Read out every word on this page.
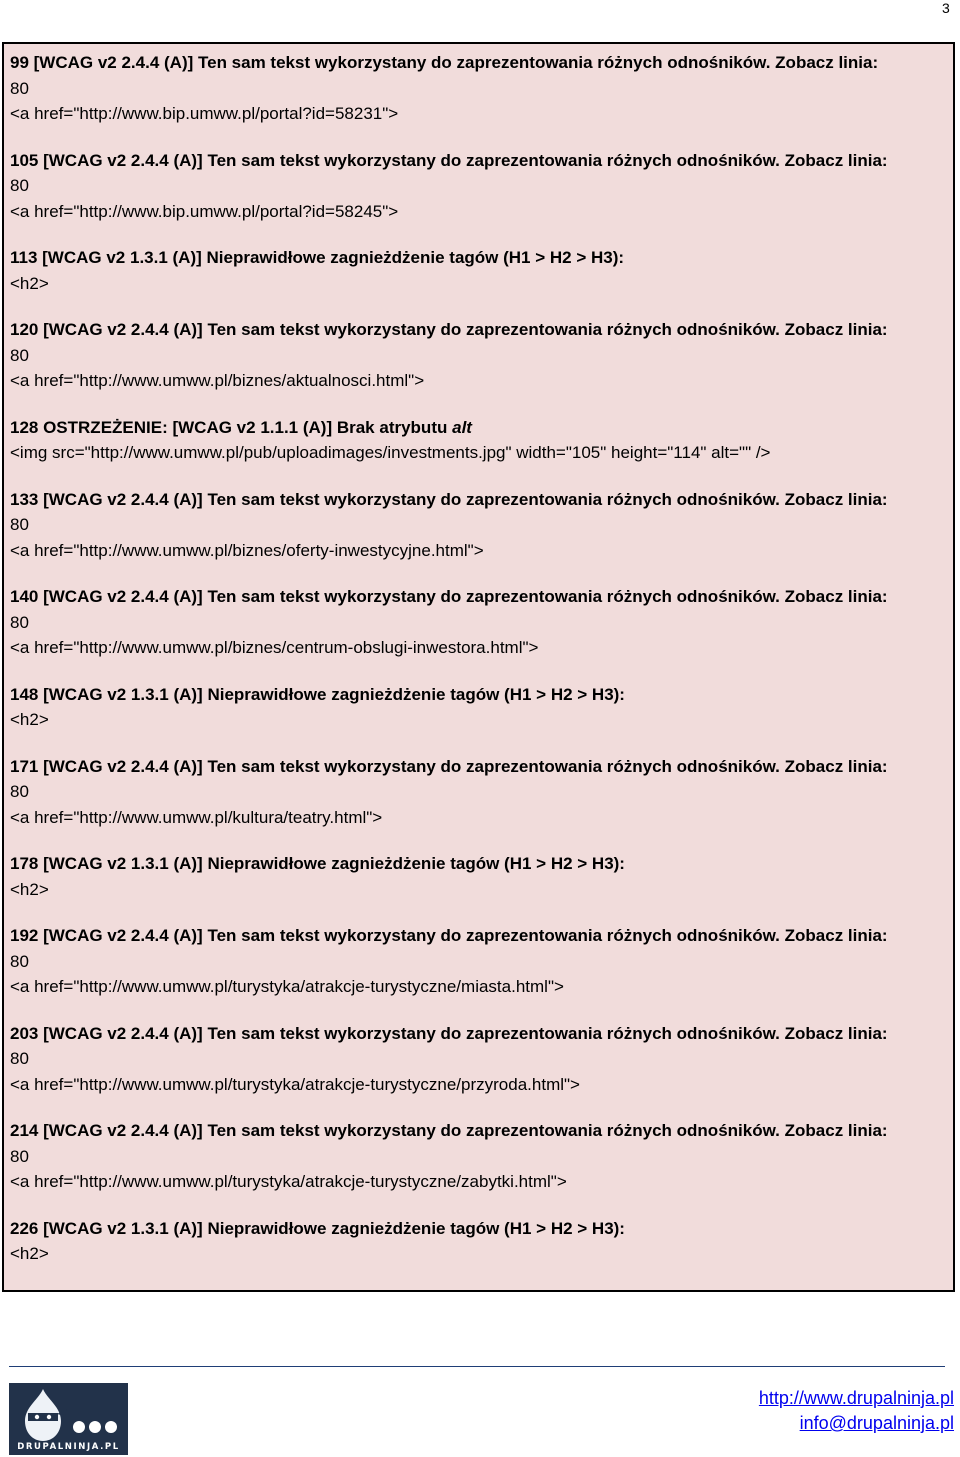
3
99 [WCAG v2 2.4.4 (A)] Ten sam tekst wykorzystany do zaprezentowania różnych odnośników. Zobacz linia:
80
<a href="http://www.bip.umww.pl/portal?id=58231">
105 [WCAG v2 2.4.4 (A)] Ten sam tekst wykorzystany do zaprezentowania różnych odnośników. Zobacz linia:
80
<a href="http://www.bip.umww.pl/portal?id=58245">
113 [WCAG v2 1.3.1 (A)] Nieprawidłowe zagnieżdżenie tagów (H1 > H2 > H3):
<h2>
120 [WCAG v2 2.4.4 (A)] Ten sam tekst wykorzystany do zaprezentowania różnych odnośników. Zobacz linia:
80
<a href="http://www.umww.pl/biznes/aktualnosci.html">
128 OSTRZEŻENIE: [WCAG v2 1.1.1 (A)] Brak atrybutu alt
<img src="http://www.umww.pl/pub/uploadimages/investments.jpg" width="105" height="114" alt="" />
133 [WCAG v2 2.4.4 (A)] Ten sam tekst wykorzystany do zaprezentowania różnych odnośników. Zobacz linia:
80
<a href="http://www.umww.pl/biznes/oferty-inwestycyjne.html">
140 [WCAG v2 2.4.4 (A)] Ten sam tekst wykorzystany do zaprezentowania różnych odnośników. Zobacz linia:
80
<a href="http://www.umww.pl/biznes/centrum-obslugi-inwestora.html">
148 [WCAG v2 1.3.1 (A)] Nieprawidłowe zagnieżdżenie tagów (H1 > H2 > H3):
<h2>
171 [WCAG v2 2.4.4 (A)] Ten sam tekst wykorzystany do zaprezentowania różnych odnośników. Zobacz linia:
80
<a href="http://www.umww.pl/kultura/teatry.html">
178 [WCAG v2 1.3.1 (A)] Nieprawidłowe zagnieżdżenie tagów (H1 > H2 > H3):
<h2>
192 [WCAG v2 2.4.4 (A)] Ten sam tekst wykorzystany do zaprezentowania różnych odnośników. Zobacz linia:
80
<a href="http://www.umww.pl/turystyka/atrakcje-turystyczne/miasta.html">
203 [WCAG v2 2.4.4 (A)] Ten sam tekst wykorzystany do zaprezentowania różnych odnośników. Zobacz linia:
80
<a href="http://www.umww.pl/turystyka/atrakcje-turystyczne/przyroda.html">
214 [WCAG v2 2.4.4 (A)] Ten sam tekst wykorzystany do zaprezentowania różnych odnośników. Zobacz linia:
80
<a href="http://www.umww.pl/turystyka/atrakcje-turystyczne/zabytki.html">
226 [WCAG v2 1.3.1 (A)] Nieprawidłowe zagnieżdżenie tagów (H1 > H2 > H3):
<h2>
DRUPALNINJA.PL
http://www.drupalninja.pl
info@drupalninja.pl
